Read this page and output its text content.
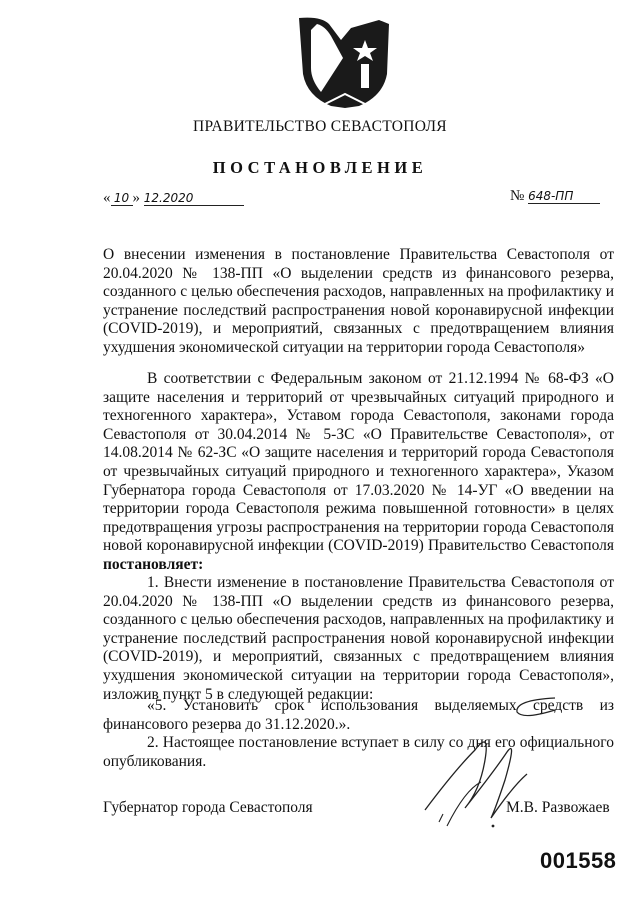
ПРАВИТЕЛЬСТВО СЕВАСТОПОЛЯ
ПОСТАНОВЛЕНИЕ
« 10 » 12.2020	№ 648-ПП
О внесении изменения в постановление Правительства Севастополя от 20.04.2020 № 138-ПП «О выделении средств из финансового резерва, созданного с целью обеспечения расходов, направленных на профилактику и устранение последствий распространения новой коронавирусной инфекции (COVID-2019), и мероприятий, связанных с предотвращением влияния ухудшения экономической ситуации на территории города Севастополя»
В соответствии с Федеральным законом от 21.12.1994 № 68-ФЗ «О защите населения и территорий от чрезвычайных ситуаций природного и техногенного характера», Уставом города Севастополя, законами города Севастополя от 30.04.2014 № 5-ЗС «О Правительстве Севастополя», от 14.08.2014 № 62-ЗС «О защите населения и территорий города Севастополя от чрезвычайных ситуаций природного и техногенного характера», Указом Губернатора города Севастополя от 17.03.2020 № 14-УГ «О введении на территории города Севастополя режима повышенной готовности» в целях предотвращения угрозы распространения на территории города Севастополя новой коронавирусной инфекции (COVID-2019) Правительство Севастополя постановляет:
1. Внести изменение в постановление Правительства Севастополя от 20.04.2020 № 138-ПП «О выделении средств из финансового резерва, созданного с целью обеспечения расходов, направленных на профилактику и устранение последствий распространения новой коронавирусной инфекции (COVID-2019), и мероприятий, связанных с предотвращением влияния ухудшения экономической ситуации на территории города Севастополя», изложив пункт 5 в следующей редакции:
«5. Установить срок использования выделяемых средств из финансового резерва до 31.12.2020.».
2. Настоящее постановление вступает в силу со дня его официального опубликования.
Губернатор города Севастополя	М.В. Развожаев
001558
